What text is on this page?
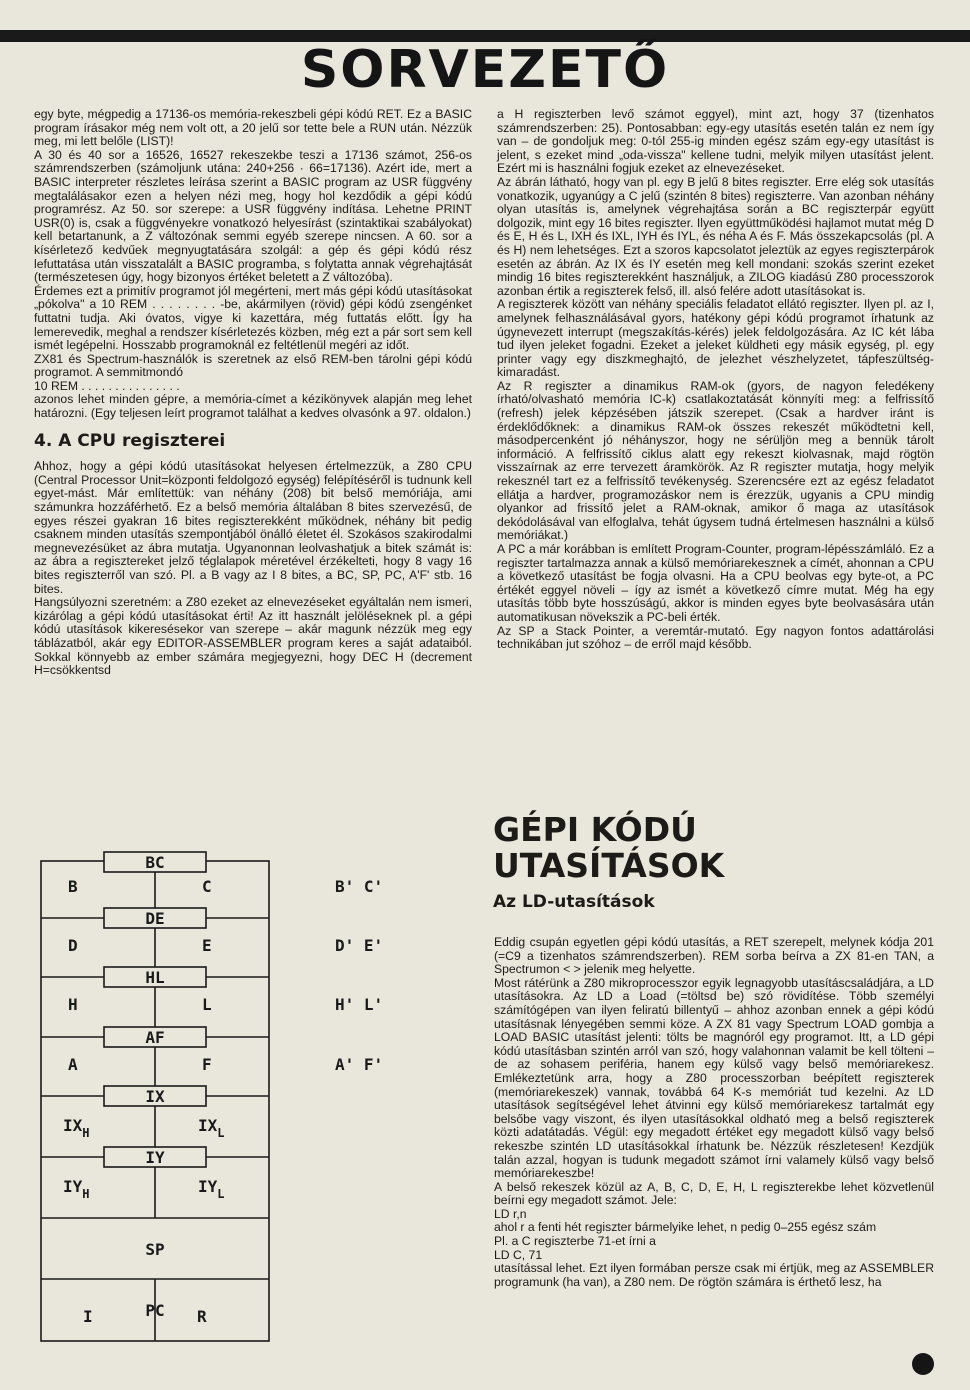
SORVEZETŐ

egy byte, mégpedig a 17136-os memória-rekeszbeli gépi kódú RET. Ez a BASIC program írásakor még nem volt ott, a 20 jelű sor tette bele a RUN után. Nézzük meg, mi lett belőle (LIST)!

A 30 és 40 sor a 16526, 16527 rekeszekbe teszi a 17136 számot, 256-os számrendszerben (számoljunk utána: 240+256 · 66=17136). Azért ide, mert a BASIC interpreter részletes leírása szerint a BASIC program az USR függvény megtalálásakor ezen a helyen nézi meg, hogy hol kezdődik a gépi kódú programrész. Az 50. sor szerepe: a USR függvény indítása. Lehetne PRINT USR(0) is, csak a függvényekre vonatkozó helyesírást (szintaktikai szabályokat) kell betartanunk, a Z változónak semmi egyéb szerepe nincsen. A 60. sor a kísérletező kedvűek megnyugtatására szolgál: a gép és gépi kódú rész lefuttatása után visszatalált a BASIC programba, s folytatta annak végrehajtását (természetesen úgy, hogy bizonyos értéket beletett a Z változóba).

Érdemes ezt a primitív programot jól megérteni, mert más gépi kódú utasításokat „pókolva" a 10 REM . . . . . . . . -be, akármilyen (rövid) gépi kódú zsengénket futtatni tudja. Aki óvatos, vigye ki kazettára, még futtatás előtt. Így ha lemerevedik, meghal a rendszer kísérletezés közben, még ezt a pár sort sem kell ismét legépelni. Hosszabb programoknál ez feltétlenül megéri az időt.

ZX81 és Spectrum-használók is szeretnek az első REM-ben tárolni gépi kódú programot. A semmitmondó

10 REM . . . . . . . . . . . . . . .

azonos lehet minden gépre, a memória-címet a kézikönyvek alapján meg lehet határozni. (Egy teljesen leírt programot találhat a kedves olvasónk a 97. oldalon.)

4. A CPU regiszterei

Ahhoz, hogy a gépi kódú utasításokat helyesen értelmezzük, a Z80 CPU (Central Processor Unit=központi feldolgozó egység) felépítéséről is tudnunk kell egyet-mást. Már említettük: van néhány (208) bit belső memóriája, ami számunkra hozzáférhető. Ez a belső memória általában 8 bites szervezésű, de egyes részei gyakran 16 bites regiszterekként működnek, néhány bit pedig csaknem minden utasítás szempontjából önálló életet él. Szokásos szakirodalmi megnevezésüket az ábra mutatja. Ugyanonnan leolvashatjuk a bitek számát is: az ábra a regisztereket jelző téglalapok méretével érzékelteti, hogy 8 vagy 16 bites regiszterről van szó. Pl. a B vagy az I 8 bites, a BC, SP, PC, A'F' stb. 16 bites.

Hangsúlyozni szeretném: a Z80 ezeket az elnevezéseket egyáltalán nem ismeri, kizárólag a gépi kódú utasításokat érti! Az itt használt jelöléseknek pl. a gépi kódú utasítások kikeresésekor van szerepe – akár magunk nézzük meg egy táblázatból, akár egy EDITOR-ASSEMBLER program keres a saját adataiból. Sokkal könnyebb az ember számára megjegyezni, hogy DEC H (decrement H=csökkentsd

BC
DE
HL
AF
IX
IY
B	C	B' C'
D	E	D' E'
H	L	H' L'
A	F	A' F'
$IX_H$	$IX_L$
$IY_H$	$IY_L$
SP
PC
I	R

a H regiszterben levő számot eggyel), mint azt, hogy 37 (tizenhatos számrendszerben: 25). Pontosabban: egy-egy utasítás esetén talán ez nem így van – de gondoljuk meg: 0-tól 255-ig minden egész szám egy-egy utasítást is jelent, s ezeket mind „oda-vissza" kellene tudni, melyik milyen utasítást jelent. Ezért mi is használni fogjuk ezeket az elnevezéseket.

Az ábrán látható, hogy van pl. egy B jelű 8 bites regiszter. Erre elég sok utasítás vonatkozik, ugyanúgy a C jelű (szintén 8 bites) regiszterre. Van azonban néhány olyan utasítás is, amelynek végrehajtása során a BC regiszterpár együtt dolgozik, mint egy 16 bites regiszter. Ilyen együttműködési hajlamot mutat még D és E, H és L, IXH és IXL, IYH és IYL, és néha A és F. Más összekapcsolás (pl. A és H) nem lehetséges. Ezt a szoros kapcsolatot jeleztük az egyes regiszterpárok esetén az ábrán. Az IX és IY esetén meg kell mondani: szokás szerint ezeket mindig 16 bites regiszterekként használjuk, a ZILOG kiadású Z80 processzorok azonban értik a regiszterek felső, ill. alsó felére adott utasításokat is.

A regiszterek között van néhány speciális feladatot ellátó regiszter. Ilyen pl. az I, amelynek felhasználásával gyors, hatékony gépi kódú programot írhatunk az úgynevezett interrupt (megszakítás-kérés) jelek feldolgozására. Az IC két lába tud ilyen jeleket fogadni. Ezeket a jeleket küldheti egy másik egység, pl. egy printer vagy egy diszkmeghajtó, de jelezhet vészhelyzetet, tápfeszültség-kimaradást.

Az R regiszter a dinamikus RAM-ok (gyors, de nagyon feledékeny írható/olvasható memória IC-k) csatlakoztatását könnyíti meg: a felfrissítő (refresh) jelek képzésében játszik szerepet. (Csak a hardver iránt is érdeklődőknek: a dinamikus RAM-ok összes rekeszét működtetni kell, másodpercenként jó néhányszor, hogy ne sérüljön meg a bennük tárolt információ. A felfrissítő ciklus alatt egy rekeszt kiolvasnak, majd rögtön visszaírnak az erre tervezett áramkörök. Az R regiszter mutatja, hogy melyik rekesznél tart ez a felfrissítő tevékenység. Szerencsére ezt az egész feladatot ellátja a hardver, programozáskor nem is érezzük, ugyanis a CPU mindig olyankor ad frissítő jelet a RAM-oknak, amikor ő maga az utasítások dekódolásával van elfoglalva, tehát úgysem tudná értelmesen használni a külső memóriákat.)

A PC a már korábban is említett Program-Counter, program-lépésszámláló. Ez a regiszter tartalmazza annak a külső memóriarekesznek a címét, ahonnan a CPU a következő utasítást be fogja olvasni. Ha a CPU beolvas egy byte-ot, a PC értékét eggyel növeli – így az ismét a következő címre mutat. Még ha egy utasítás több byte hosszúságú, akkor is minden egyes byte beolvasására után automatikusan növekszik a PC-beli érték.

Az SP a Stack Pointer, a veremtár-mutató. Egy nagyon fontos adattárolási technikában jut szóhoz – de erről majd később.

GÉPI KÓDÚ UTASÍTÁSOK
Az LD-utasítások

Eddig csupán egyetlen gépi kódú utasítás, a RET szerepelt, melynek kódja 201 (=C9 a tizenhatos számrendszerben). REM sorba beírva a ZX 81-en TAN, a Spectrumon < > jelenik meg helyette.

Most rátérünk a Z80 mikroprocesszor egyik legnagyobb utasításcsaládjára, a LD utasításokra. Az LD a Load (=töltsd be) szó rövidítése. Több személyi számítógépen van ilyen feliratú billentyű – ahhoz azonban ennek a gépi kódú utasításnak lényegében semmi köze. A ZX 81 vagy Spectrum LOAD gombja a LOAD BASIC utasítást jelenti: tölts be magnóról egy programot. Itt, a LD gépi kódú utasításban szintén arról van szó, hogy valahonnan valamit be kell tölteni – de az sohasem periféria, hanem egy külső vagy belső memóriarekesz. Emlékeztetünk arra, hogy a Z80 processzorban beépített regiszterek (memóriarekeszek) vannak, továbbá 64 K-s memóriát tud kezelni. Az LD utasítások segítségével lehet átvinni egy külső memóriarekesz tartalmát egy belsőbe vagy viszont, és ilyen utasításokkal oldható meg a belső regiszterek közti adatátadás. Végül: egy megadott értéket egy megadott külső vagy belső rekeszbe szintén LD utasításokkal írhatunk be. Nézzük részletesen! Kezdjük talán azzal, hogyan is tudunk megadott számot írni valamely külső vagy belső memóriarekeszbe!

A belső rekeszek közül az A, B, C, D, E, H, L regiszterekbe lehet közvetlenül beírni egy megadott számot. Jele:

LD r,n

ahol r a fenti hét regiszter bármelyike lehet, n pedig 0–255 egész szám

Pl. a C regiszterbe 71-et írni a

LD C, 71

utasítással lehet. Ezt ilyen formában persze csak mi értjük, meg az ASSEMBLER programunk (ha van), a Z80 nem. De rögtön számára is érthető lesz, ha
